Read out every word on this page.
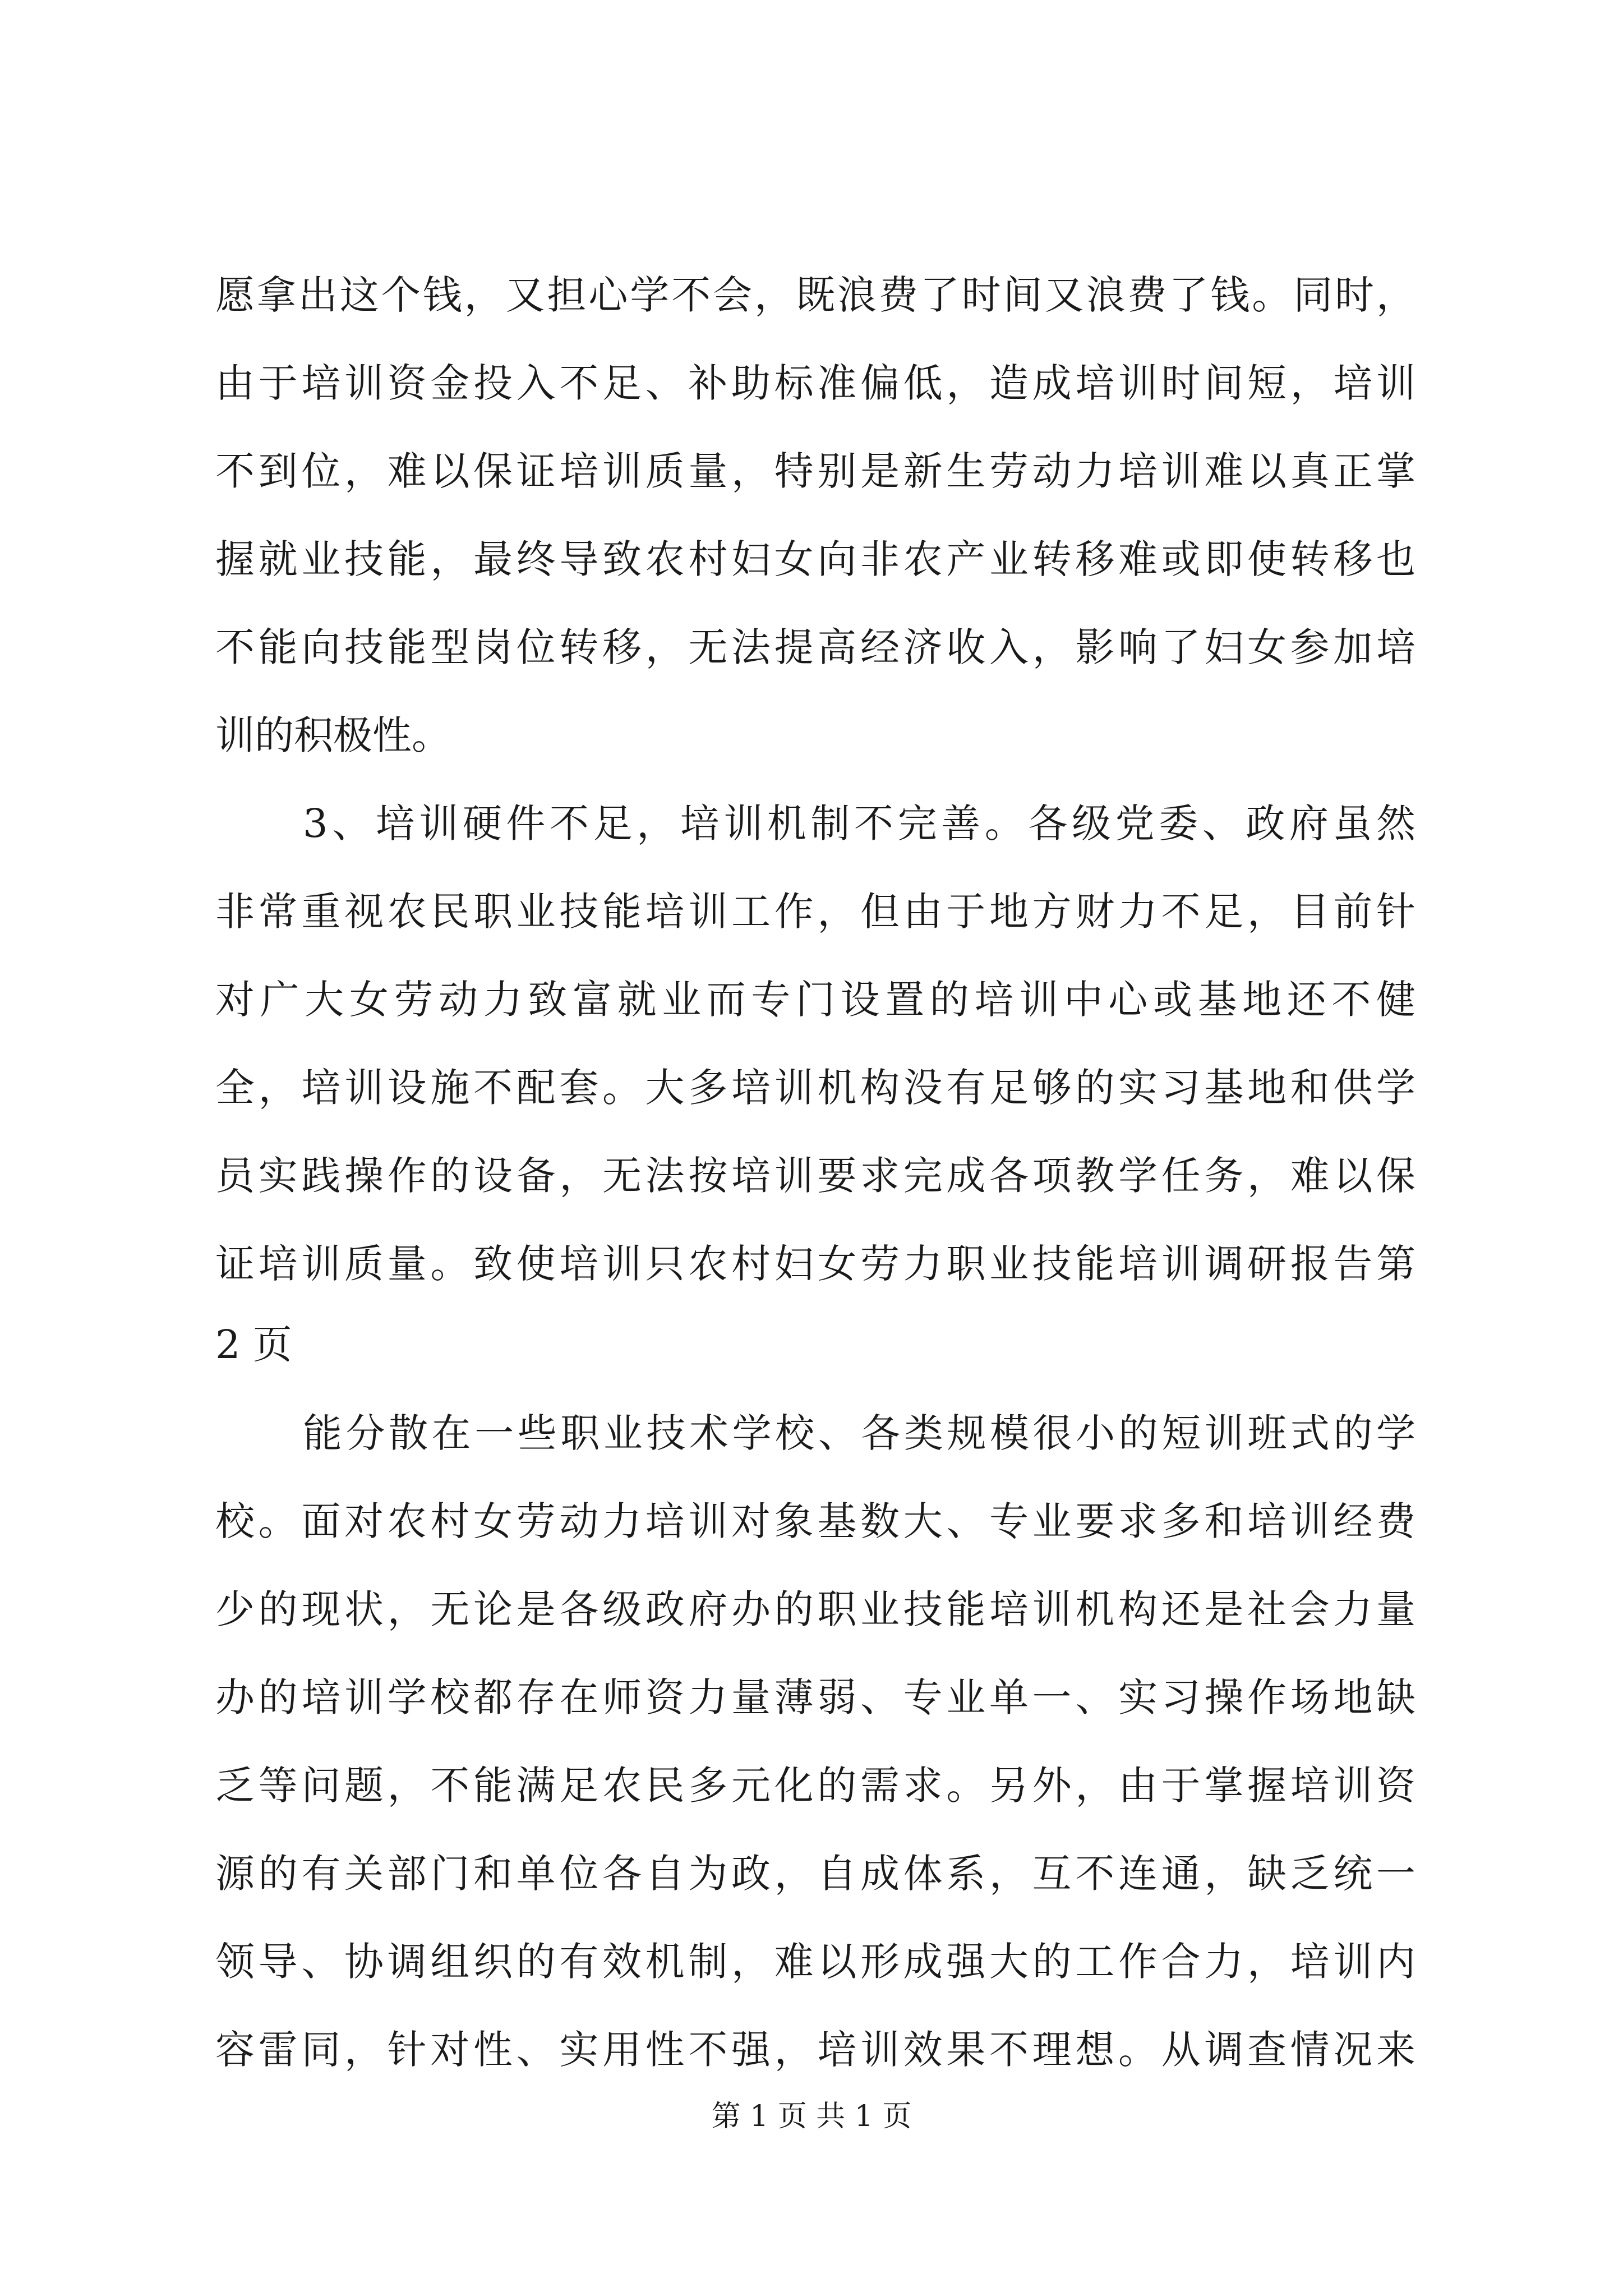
愿拿出这个钱，又担心学不会，既浪费了时间又浪费了钱。同时，
由于培训资金投入不足、补助标准偏低，造成培训时间短，培训
不到位，难以保证培训质量，特别是新生劳动力培训难以真正掌
握就业技能，最终导致农村妇女向非农产业转移难或即使转移也
不能向技能型岗位转移，无法提高经济收入，影响了妇女参加培
训的积极性。
3、培训硬件不足，培训机制不完善。各级党委、政府虽然
非常重视农民职业技能培训工作，但由于地方财力不足，目前针
对广大女劳动力致富就业而专门设置的培训中心或基地还不健
全，培训设施不配套。大多培训机构没有足够的实习基地和供学
员实践操作的设备，无法按培训要求完成各项教学任务，难以保
证培训质量。致使培训只农村妇女劳力职业技能培训调研报告第
2 页
能分散在一些职业技术学校、各类规模很小的短训班式的学
校。面对农村女劳动力培训对象基数大、专业要求多和培训经费
少的现状，无论是各级政府办的职业技能培训机构还是社会力量
办的培训学校都存在师资力量薄弱、专业单一、实习操作场地缺
乏等问题，不能满足农民多元化的需求。另外，由于掌握培训资
源的有关部门和单位各自为政，自成体系，互不连通，缺乏统一
领导、协调组织的有效机制，难以形成强大的工作合力，培训内
容雷同，针对性、实用性不强，培训效果不理想。从调查情况来
第 1 页 共 1 页
